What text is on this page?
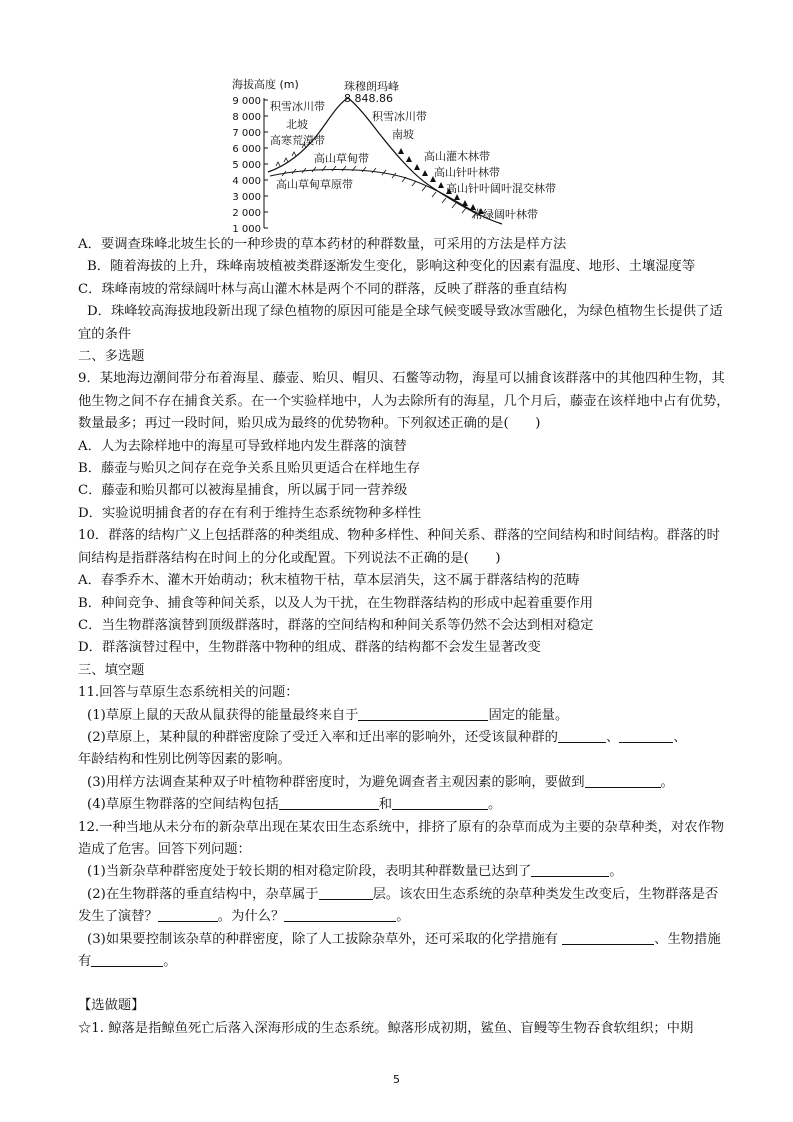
海拔高度 (m)
9 000
8 000
7 000
6 000
5 000
4 000
3 000
2 000
1 000
珠穆朗玛峰
8 848.86
积雪冰川带
北坡
高寒荒漠带
高山草甸带
高山草甸草原带
积雪冰川带
南坡
高山灌木林带
高山针叶林带
高山针叶阔叶混交林带
常绿阔叶林带

A．要调查珠峰北坡生长的一种珍贵的草本药材的种群数量，可采用的方法是样方法

B．随着海拔的上升，珠峰南坡植被类群逐渐发生变化，影响这种变化的因素有温度、地形、土壤湿度等

C．珠峰南坡的常绿阔叶林与高山灌木林是两个不同的群落，反映了群落的垂直结构

D．珠峰较高海拔地段新出现了绿色植物的原因可能是全球气候变暖导致冰雪融化，为绿色植物生长提供了适宜的条件

二、多选题

9．某地海边潮间带分布着海星、藤壶、贻贝、帽贝、石鳖等动物，海星可以捕食该群落中的其他四种生物，其他生物之间不存在捕食关系。在一个实验样地中，人为去除所有的海星，几个月后，藤壶在该样地中占有优势，数量最多；再过一段时间，贻贝成为最终的优势物种。下列叙述正确的是(　　)

A．人为去除样地中的海星可导致样地内发生群落的演替

B．藤壶与贻贝之间存在竞争关系且贻贝更适合在样地生存

C．藤壶和贻贝都可以被海星捕食，所以属于同一营养级

D．实验说明捕食者的存在有利于维持生态系统物种多样性

10．群落的结构广义上包括群落的种类组成、物种多样性、种间关系、群落的空间结构和时间结构。群落的时间结构是指群落结构在时间上的分化或配置。下列说法不正确的是(　　)

A．春季乔木、灌木开始萌动；秋末植物干枯，草本层消失，这不属于群落结构的范畴

B．种间竞争、捕食等种间关系，以及人为干扰，在生物群落结构的形成中起着重要作用

C．当生物群落演替到顶级群落时，群落的空间结构和种间关系等仍然不会达到相对稳定

D．群落演替过程中，生物群落中物种的组成、群落的结构都不会发生显著改变

三、填空题

11.回答与草原生态系统相关的问题：

(1)草原上鼠的天敌从鼠获得的能量最终来自于	固定的能量。

(2)草原上，某种鼠的种群密度除了受迁入率和迁出率的影响外，还受该鼠种群的	、	、
年龄结构和性别比例等因素的影响。

(3)用样方法调查某种双子叶植物种群密度时，为避免调查者主观因素的影响，要做到	。

(4)草原生物群落的空间结构包括	和	。

12.一种当地从未分布的新杂草出现在某农田生态系统中，排挤了原有的杂草而成为主要的杂草种类，对农作物造成了危害。回答下列问题：

(1)当新杂草种群密度处于较长期的相对稳定阶段，表明其种群数量已达到了	。

(2)在生物群落的垂直结构中，杂草属于	层。该农田生态系统的杂草种类发生改变后，生物群落是否发生了演替？	。为什么？	。

(3)如果要控制该杂草的种群密度，除了人工拔除杂草外，还可采取的化学措施有	、生物措施有	。

【选做题】

☆1. 鲸落是指鲸鱼死亡后落入深海形成的生态系统。鲸落形成初期，鲨鱼、盲鳗等生物吞食软组织；中期

5
